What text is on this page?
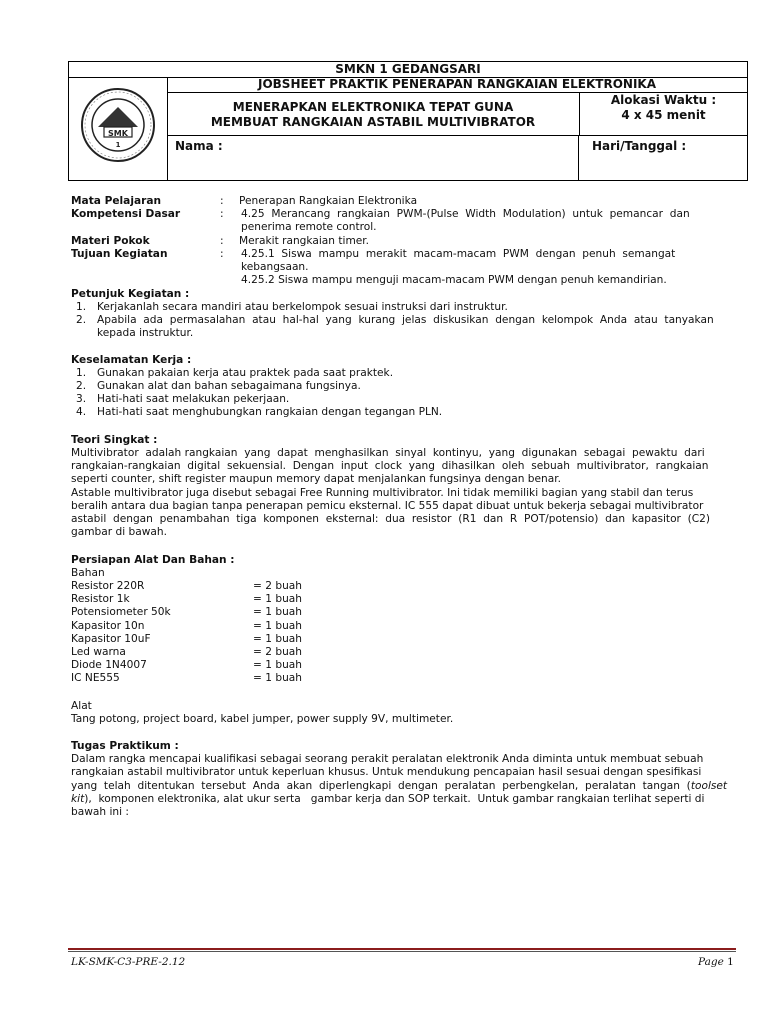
SMKN 1 GEDANGSARI
SMK
1
JOBSHEET PRAKTIK PENERAPAN RANGKAIAN ELEKTRONIKA
MENERAPKAN ELEKTRONIKA TEPAT GUNA
MEMBUAT RANGKAIAN ASTABIL MULTIVIBRATOR
Alokasi Waktu :
4 x 45 menit
Nama :	Hari/Tanggal :
Mata Pelajaran	: Penerapan Rangkaian Elektronika
Kompetensi Dasar	: 4.25  Merancang  rangkaian  PWM-(Pulse  Width  Modulation)  untuk  pemancar  dan
penerima remote control.
Materi Pokok	: Merakit rangkaian timer.
Tujuan Kegiatan	: 4.25.1  Siswa  mampu  merakit  macam-macam  PWM  dengan  penuh  semangat
kebangsaan.
4.25.2 Siswa mampu menguji macam-macam PWM dengan penuh kemandirian.
Petunjuk Kegiatan :
1. Kerjakanlah secara mandiri atau berkelompok sesuai instruksi dari instruktur.
2. Apabila  ada  permasalahan  atau  hal-hal  yang  kurang  jelas  diskusikan  dengan  kelompok  Anda  atau  tanyakan
kepada instruktur.
Keselamatan Kerja :
1. Gunakan pakaian kerja atau praktek pada saat praktek.
2. Gunakan alat dan bahan sebagaimana fungsinya.
3. Hati-hati saat melakukan pekerjaan.
4. Hati-hati saat menghubungkan rangkaian dengan tegangan PLN.
Teori Singkat :
Multivibrator  adalah rangkaian  yang  dapat  menghasilkan  sinyal  kontinyu,  yang  digunakan  sebagai  pewaktu  dari
rangkaian-rangkaian  digital  sekuensial.  Dengan  input  clock  yang  dihasilkan  oleh  sebuah  multivibrator,  rangkaian
seperti counter, shift register maupun memory dapat menjalankan fungsinya dengan benar.
Astable multivibrator juga disebut sebagai Free Running multivibrator. Ini tidak memiliki bagian yang stabil dan terus
beralih antara dua bagian tanpa penerapan pemicu eksternal. IC 555 dapat dibuat untuk bekerja sebagai multivibrator
astabil  dengan  penambahan  tiga  komponen  eksternal:  dua  resistor  (R1  dan  R  POT/potensio)  dan  kapasitor  (C2)
gambar di bawah.
Persiapan Alat Dan Bahan :
Bahan
Resistor 220R	= 2 buah
Resistor 1k	= 1 buah
Potensiometer 50k	= 1 buah
Kapasitor 10n	= 1 buah
Kapasitor 10uF	= 1 buah
Led warna	= 2 buah
Diode 1N4007	= 1 buah
IC NE555	= 1 buah
Alat
Tang potong, project board, kabel jumper, power supply 9V, multimeter.
Tugas Praktikum :
Dalam rangka mencapai kualifikasi sebagai seorang perakit peralatan elektronik Anda diminta untuk membuat sebuah
rangkaian astabil multivibrator untuk keperluan khusus. Untuk mendukung pencapaian hasil sesuai dengan spesifikasi
yang  telah  ditentukan  tersebut  Anda  akan  diperlengkapi  dengan  peralatan  perbengkelan,  peralatan  tangan  (toolset
kit),  komponen elektronika, alat ukur serta   gambar kerja dan SOP terkait.  Untuk gambar rangkaian terlihat seperti di
bawah ini :
LK-SMK-C3-PRE-2.12	Page 1
